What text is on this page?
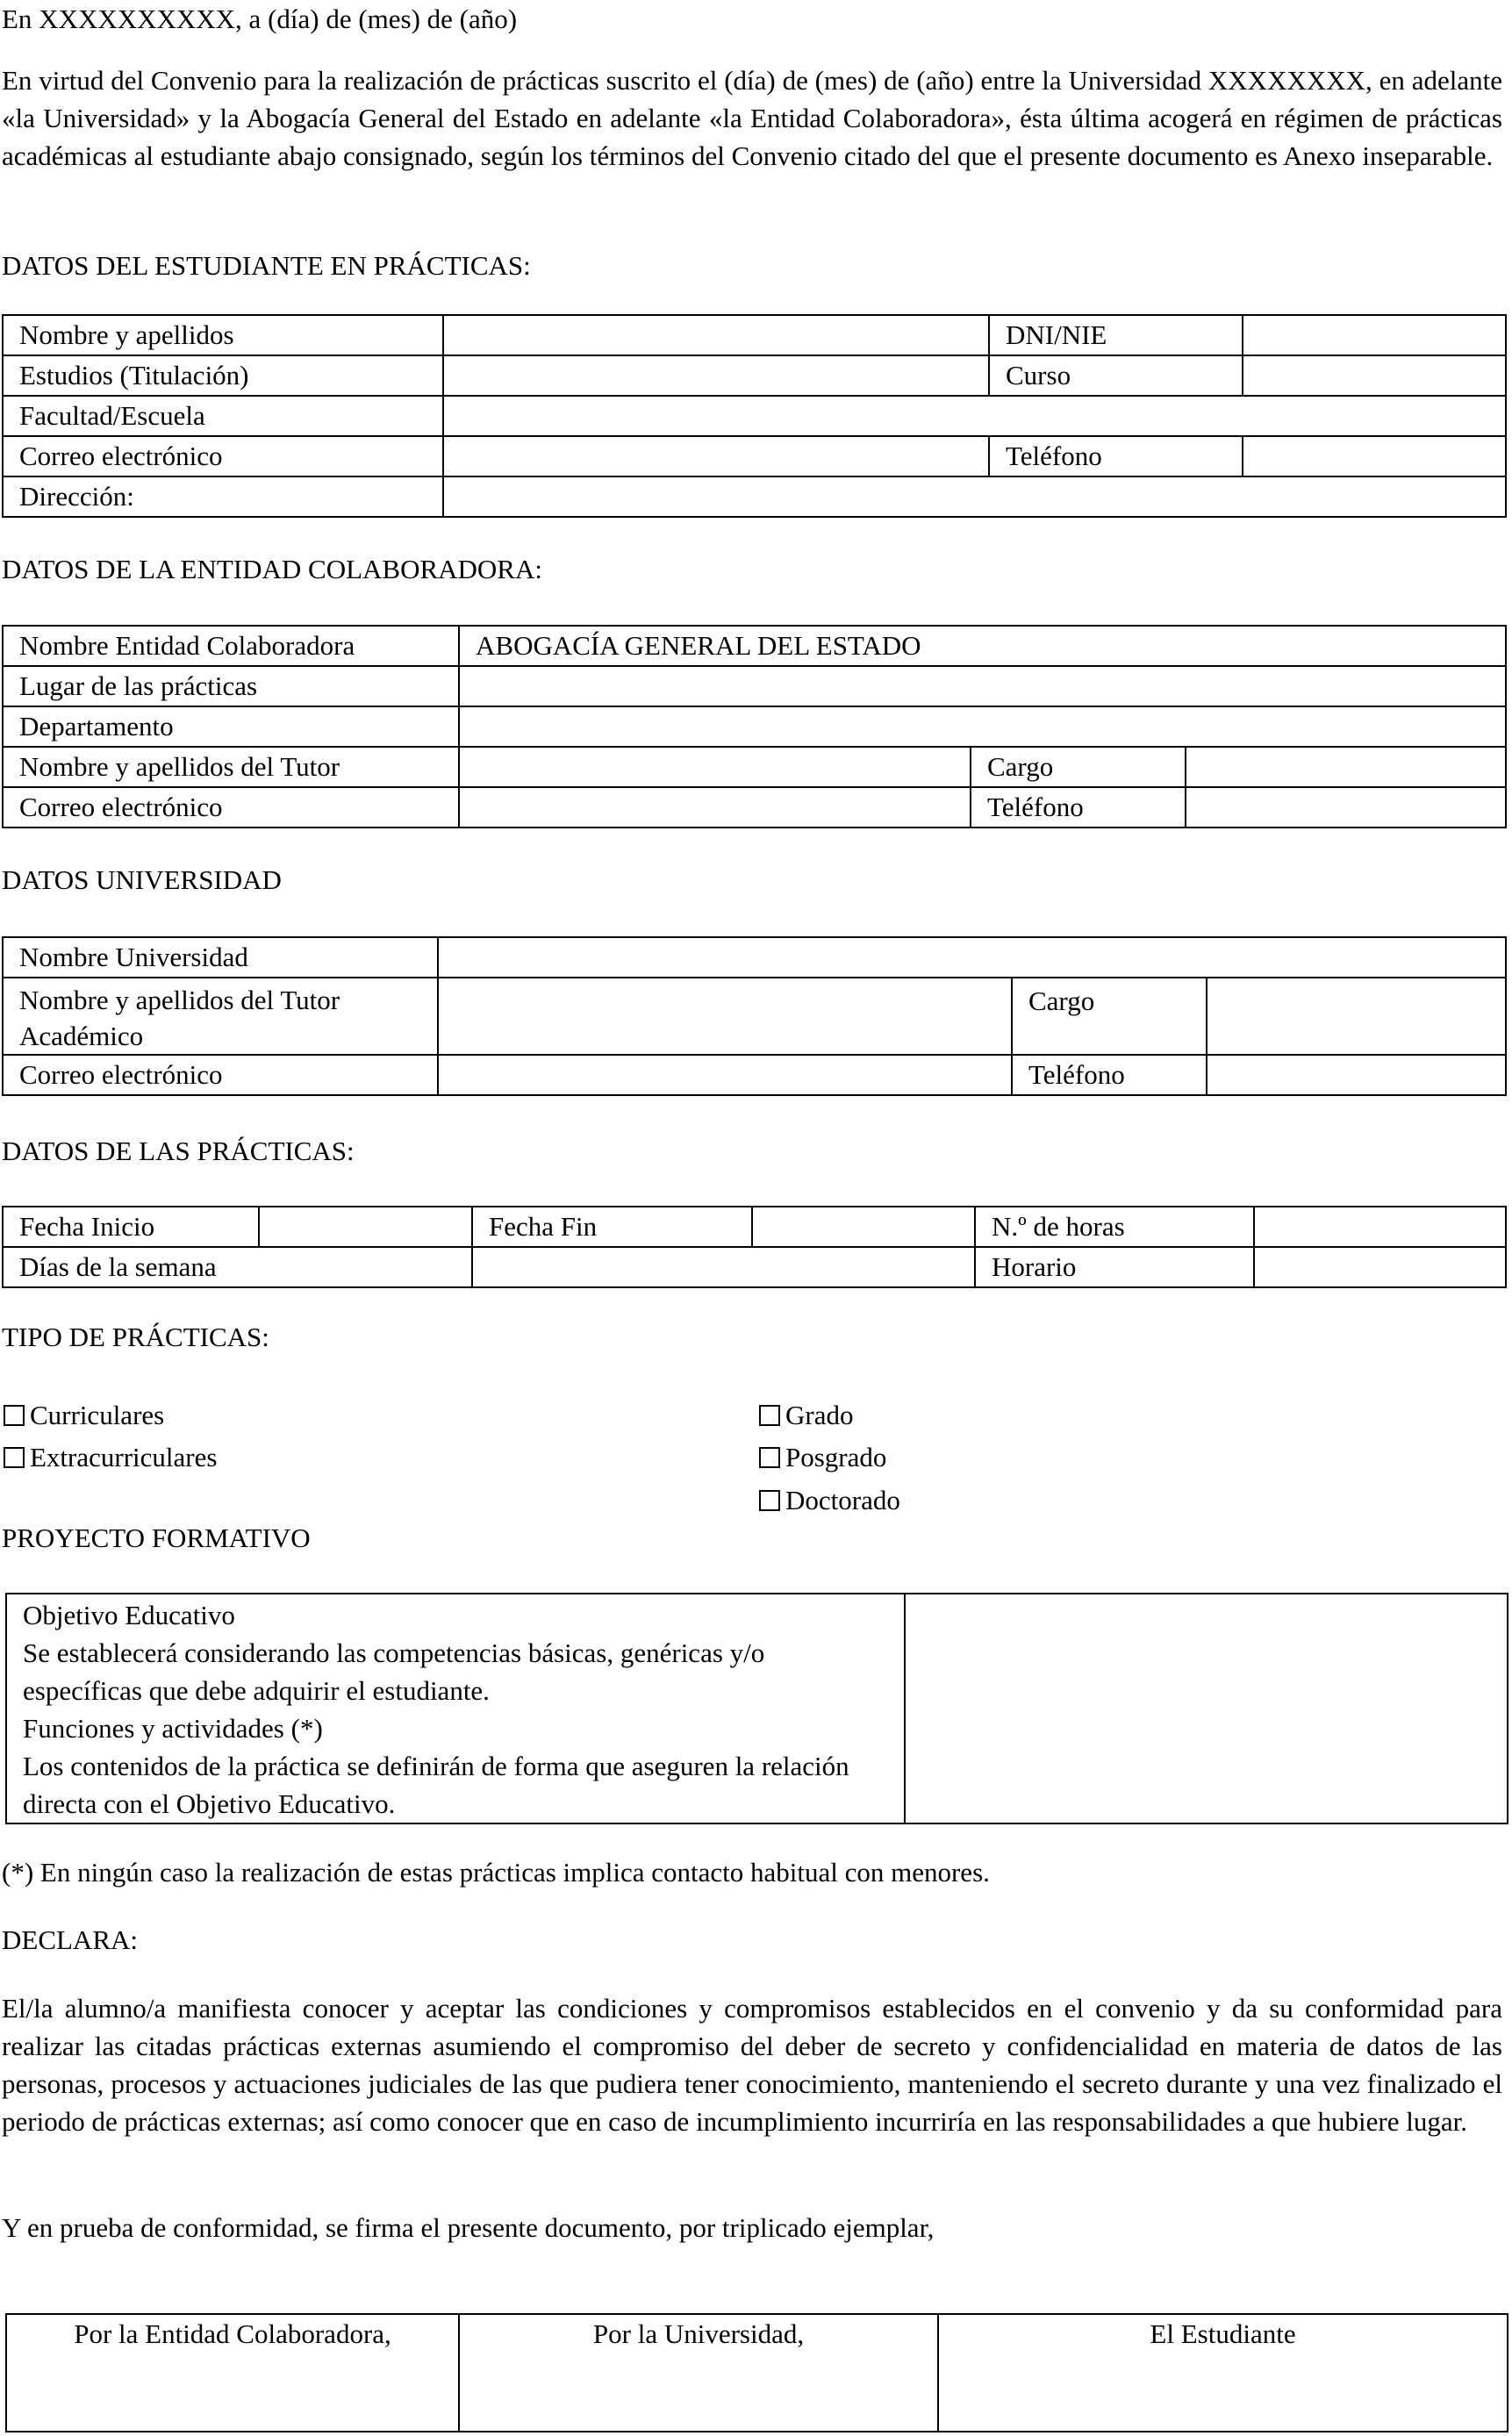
En XXXXXXXXXX, a (día) de (mes) de (año)

En virtud del Convenio para la realización de prácticas suscrito el (día) de (mes) de (año) entre la Universidad XXXXXXXX, en adelante «la Universidad» y la Abogacía General del Estado en adelante «la Entidad Colaboradora», ésta última acogerá en régimen de prácticas académicas al estudiante abajo consignado, según los términos del Convenio citado del que el presente documento es Anexo inseparable.

DATOS DEL ESTUDIANTE EN PRÁCTICAS:

Nombre y apellidos		DNI/NIE	
Estudios (Titulación)		Curso	
Facultad/Escuela			
Correo electrónico		Teléfono	
Dirección:			

DATOS DE LA ENTIDAD COLABORADORA:

Nombre Entidad Colaboradora	ABOGACÍA GENERAL DEL ESTADO		
Lugar de las prácticas			
Departamento			
Nombre y apellidos del Tutor		Cargo	
Correo electrónico		Teléfono	

DATOS UNIVERSIDAD

Nombre Universidad			
Nombre y apellidos del Tutor Académico		Cargo	
Correo electrónico		Teléfono	

DATOS DE LAS PRÁCTICAS:

Fecha Inicio		Fecha Fin		N.º de horas	
Días de la semana				Horario	

TIPO DE PRÁCTICAS:

Curriculares
Extracurriculares
Grado
Posgrado
Doctorado

PROYECTO FORMATIVO

Objetivo Educativo
Se establecerá considerando las competencias básicas, genéricas y/o específicas que debe adquirir el estudiante.
Funciones y actividades (*)
Los contenidos de la práctica se definirán de forma que aseguren la relación directa con el Objetivo Educativo.

(*) En ningún caso la realización de estas prácticas implica contacto habitual con menores.

DECLARA:

El/la alumno/a manifiesta conocer y aceptar las condiciones y compromisos establecidos en el convenio y da su conformidad para realizar las citadas prácticas externas asumiendo el compromiso del deber de secreto y confidencialidad en materia de datos de las personas, procesos y actuaciones judiciales de las que pudiera tener conocimiento, manteniendo el secreto durante y una vez finalizado el periodo de prácticas externas; así como conocer que en caso de incumplimiento incurriría en las responsabilidades a que hubiere lugar.

Y en prueba de conformidad, se firma el presente documento, por triplicado ejemplar,

Por la Entidad Colaboradora,	Por la Universidad,	El Estudiante
